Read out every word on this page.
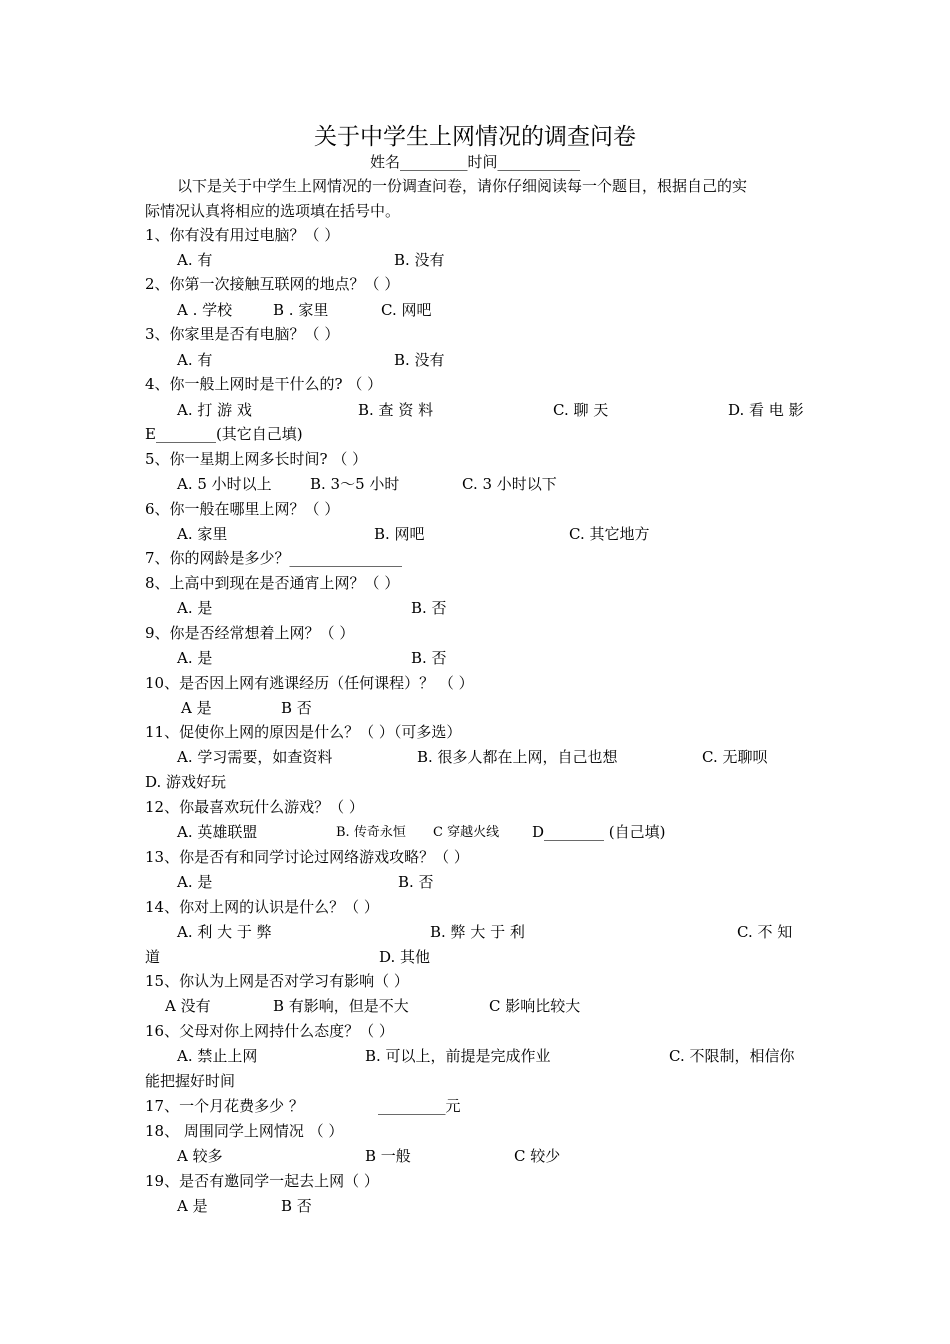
关于中学生上网情况的调查问卷
姓名_________时间___________
以下是关于中学生上网情况的一份调查问卷，请你仔细阅读每一个题目，根据自己的实
际情况认真将相应的选项填在括号中。
1、你有没有用过电脑？（ ）
A. 有	B. 没有
2、你第一次接触互联网的地点？（ ）
A . 学校	B . 家里	C. 网吧
3、你家里是否有电脑？（ ）
A. 有	B. 没有
4、你一般上网时是干什么的? （ ）
A. 打 游 戏	B. 查 资 料	C. 聊 天	D. 看 电 影
E________(其它自己填)
5、你一星期上网多长时间? （ ）
A. 5 小时以上	B. 3～5 小时	C. 3 小时以下
6、你一般在哪里上网？（ ）
A. 家里	B. 网吧	C. 其它地方
7、你的网龄是多少？_______________
8、上高中到现在是否通宵上网？（ ）
A. 是	B. 否
9、你是否经常想着上网？（ ）
A. 是	B. 否
10、是否因上网有逃课经历（任何课程）？ （ ）
A 是	B 否
11、促使你上网的原因是什么？（ ）（可多选）
A. 学习需要，如查资料	B. 很多人都在上网，自己也想	C. 无聊呗
D. 游戏好玩
12、你最喜欢玩什么游戏？（ ）
A. 英雄联盟	B. 传奇永恒 C 穿越火线 D________ (自己填)
13、你是否有和同学讨论过网络游戏攻略？（ ）
A. 是	B. 否
14、你对上网的认识是什么？（ ）
A. 利 大 于 弊	B. 弊 大 于 利	C. 不 知
道	D. 其他
15、你认为上网是否对学习有影响（ ）
A 没有	B 有影响，但是不大	C 影响比较大
16、父母对你上网持什么态度？（ ）
A. 禁止上网	B. 可以上，前提是完成作业	C. 不限制，相信你
能把握好时间
17、一个月花费多少 ？	_________元
18、 周围同学上网情况 （ ）
A 较多	B 一般	C 较少
19、是否有邀同学一起去上网（ ）
A 是	B 否
